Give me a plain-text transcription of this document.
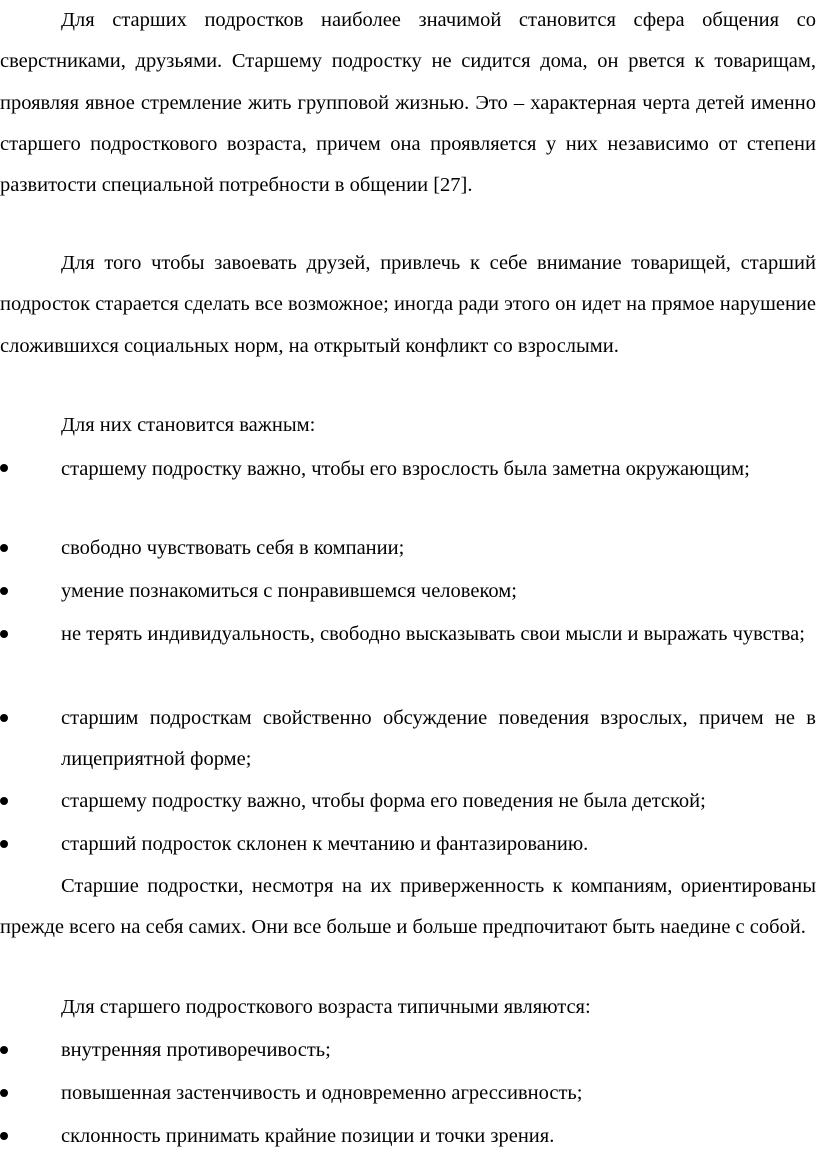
Для старших подростков наиболее значимой становится сфера общения со сверстниками, друзьями. Старшему подростку не сидится дома, он рвется к товарищам, проявляя явное стремление жить групповой жизнью. Это – характерная черта детей именно старшего подросткового возраста, причем она проявляется у них независимо от степени развитости специальной потребности в общении [27].

Для того чтобы завоевать друзей, привлечь к себе внимание товарищей, старший подросток старается сделать все возможное; иногда ради этого он идет на прямое нарушение сложившихся социальных норм, на открытый конфликт со взрослыми.

Для них становится важным:

старшему подростку важно, чтобы его взрослость была заметна окружающим;

свободно чувствовать себя в компании;

умение познакомиться с понравившемся человеком;

не терять индивидуальность, свободно высказывать свои мысли и выражать чувства;

старшим подросткам свойственно обсуждение поведения взрослых, причем не в лицеприятной форме;

старшему подростку важно, чтобы форма его поведения не была детской;

старший подросток склонен к мечтанию и фантазированию.

Старшие подростки, несмотря на их приверженность к компаниям, ориентированы прежде всего на себя самих. Они все больше и больше предпочитают быть наедине с собой.

Для старшего подросткового возраста типичными являются:

внутренняя противоречивость;

повышенная застенчивость и одновременно агрессивность;

склонность принимать крайние позиции и точки зрения.
